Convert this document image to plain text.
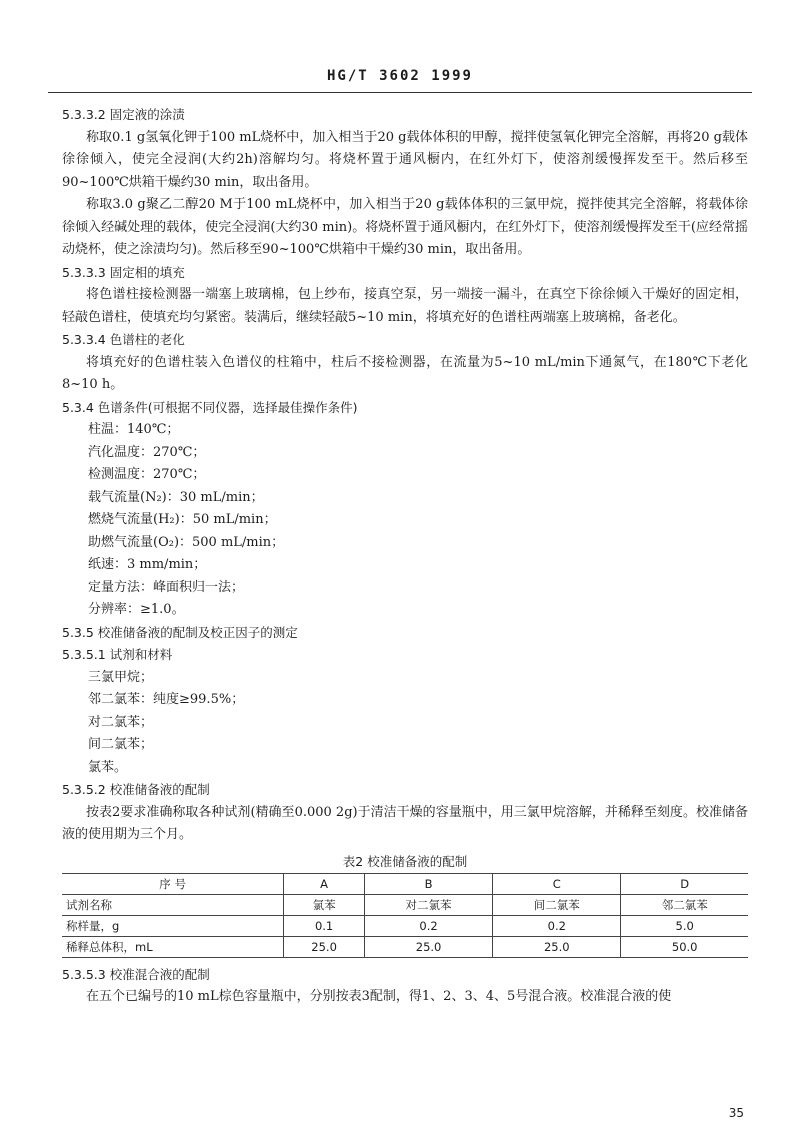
HG/T 3602 1999
5.3.3.2 固定液的涂渍
称取0.1 g氢氧化钾于100 mL烧杯中，加入相当于20 g载体体积的甲醇，搅拌使氢氧化钾完全溶解，再将20 g载体徐徐倾入，使完全浸润(大约2h)溶解均匀。将烧杯置于通风橱内，在红外灯下，使溶剂缓慢挥发至干。然后移至90~100℃烘箱干燥约30 min，取出备用。
称取3.0 g聚乙二醇20 M于100 mL烧杯中，加入相当于20 g载体体积的三氯甲烷，搅拌使其完全溶解，将载体徐徐倾入经碱处理的载体，使完全浸润(大约30 min)。将烧杯置于通风橱内，在红外灯下，使溶剂缓慢挥发至干(应经常摇动烧杯，使之涂渍均匀)。然后移至90~100℃烘箱中干燥约30 min，取出备用。
5.3.3.3 固定相的填充
将色谱柱接检测器一端塞上玻璃棉，包上纱布，接真空泵，另一端接一漏斗，在真空下徐徐倾入干燥好的固定相，轻敲色谱柱，使填充均匀紧密。装满后，继续轻敲5~10 min，将填充好的色谱柱两端塞上玻璃棉，备老化。
5.3.3.4 色谱柱的老化
将填充好的色谱柱装入色谱仪的柱箱中，柱后不接检测器，在流量为5~10 mL/min下通氮气，在180℃下老化8~10 h。
5.3.4 色谱条件(可根据不同仪器，选择最佳操作条件)
柱温：140℃；
汽化温度：270℃；
检测温度：270℃；
载气流量(N₂)：30 mL/min；
燃烧气流量(H₂)：50 mL/min；
助燃气流量(O₂)：500 mL/min；
纸速：3 mm/min；
定量方法：峰面积归一法；
分辨率：≥1.0。
5.3.5 校准储备液的配制及校正因子的测定
5.3.5.1 试剂和材料
三氯甲烷；
邻二氯苯：纯度≥99.5%；
对二氯苯；
间二氯苯；
氯苯。
5.3.5.2 校准储备液的配制
按表2要求准确称取各种试剂(精确至0.000 2g)于清洁干燥的容量瓶中，用三氯甲烷溶解，并稀释至刻度。校准储备液的使用期为三个月。
表2 校准储备液的配制
序 号	A	B	C	D
试剂名称	氯苯	对二氯苯	间二氯苯	邻二氯苯
称样量，g	0.1	0.2	0.2	5.0
稀释总体积，mL	25.0	25.0	25.0	50.0
5.3.5.3 校准混合液的配制
在五个已编号的10 mL棕色容量瓶中，分别按表3配制，得1、2、3、4、5号混合液。校准混合液的使
35
